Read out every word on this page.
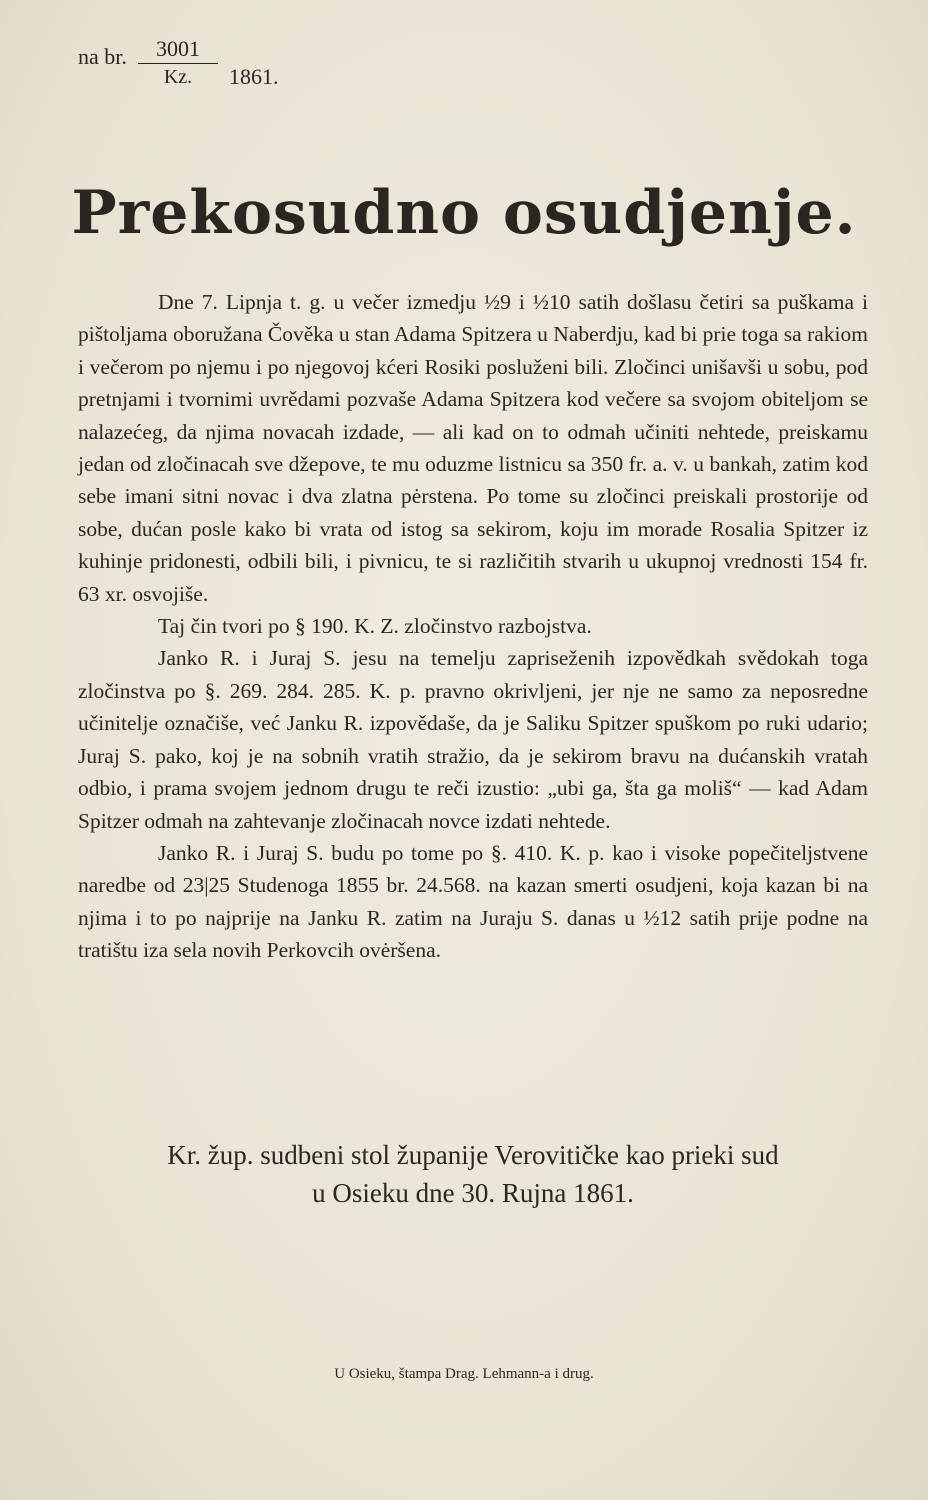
na br. $\frac{3001}{Kz.} 1861$.
Prekosudno osudjenje.

Dne 7. Lipnja t. g. u večer izmedju ½9 i ½10 satih došlasu četiri sa puškama i pištoljama oboružana Čověka u stan Adama Spitzera u Naberdju, kad bi prie toga sa rakiom i večerom po njemu i po njegovoj kćeri Rosiki posluženi bili. Zločinci unišavši u sobu, pod pretnjami i tvornimi uvrědami pozvaše Adama Spitzera kod večere sa svojom obiteljom se nalazećeg, da njima novacah izdade, — ali kad on to odmah učiniti nehtede, preiskamu jedan od zločinacah sve džepove, te mu oduzme listnicu sa 350 fr. a. v. u bankah, zatim kod sebe imani sitni novac i dva zlatna pėrstena. Po tome su zločinci preiskali prostorije od sobe, dućan posle kako bi vrata od istog sa sekirom, koju im morade Rosalia Spitzer iz kuhinje pridonesti, odbili bili, i pivnicu, te si različitih stvarih u ukupnoj vrednosti 154 fr. 63 xr. osvojiše.

Taj čin tvori po § 190. K. Z. zločinstvo razbojstva.

Janko R. i Juraj S. jesu na temelju zapriseženih izpovědkah svědokah toga zločinstva po §. 269. 284. 285. K. p. pravno okrivljeni, jer nje ne samo za neposredne učinitelje označiše, već Janku R. izpovědaše, da je Saliku Spitzer spuškom po ruki udario; Juraj S. pako, koj je na sobnih vratih stražio, da je sekirom bravu na dućanskih vratah odbio, i prama svojem jednom drugu te reči izustio: „ubi ga, šta ga moliš“ — kad Adam Spitzer odmah na zahtevanje zločinacah novce izdati nehtede.

Janko R. i Juraj S. budu po tome po §. 410. K. p. kao i visoke popečiteljstvene naredbe od 23|25 Studenoga 1855 br. 24.568. na kazan smerti osudjeni, koja kazan bi na njima i to po najprije na Janku R. zatim na Juraju S. danas u ½12 satih prije podne na tratištu iza sela novih Perkovcih ovėršena.

Kr. žup. sudbeni stol županije Verovitičke kao prieki sud
u Osieku dne 30. Rujna 1861.
U Osieku, štampa Drag. Lehmann-a i drug.
